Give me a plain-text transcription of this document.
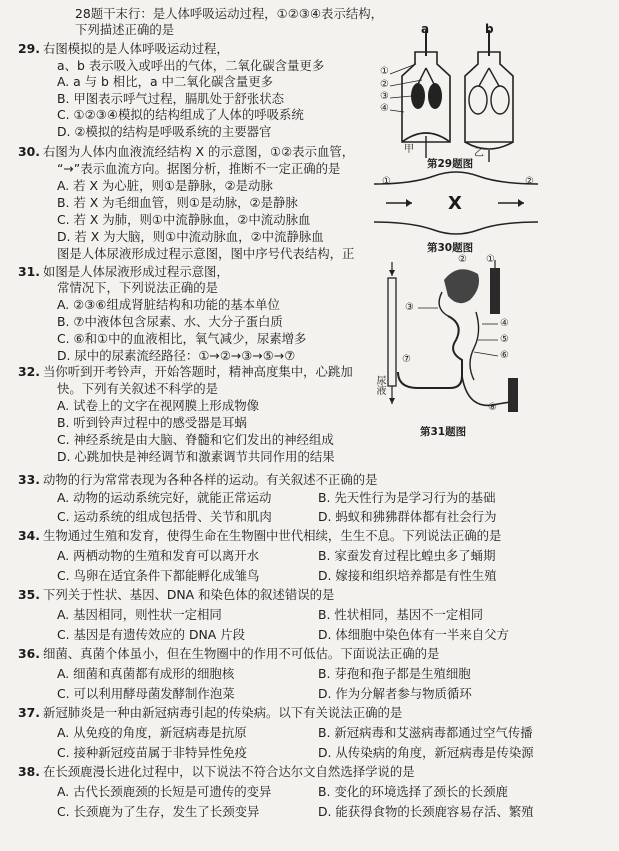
a	b
①
②
③
④
甲	乙
第29题图
X
①	②
第30题图
①
②
③
④
⑤
⑥
⑦
⑧
尿液
第31题图
28题干末行：是人体呼吸运动过程，①②③④表示结构，
下列描述正确的是
29. 右图模拟的是人体呼吸运动过程，
a、b 表示吸入或呼出的气体，二氧化碳含量更多
A. a 与 b 相比，a 中二氧化碳含量更多
B. 甲图表示呼气过程，膈肌处于舒张状态
C. ①②③④模拟的结构组成了人体的呼吸系统
D. ②模拟的结构是呼吸系统的主要器官
30. 右图为人体内血液流经结构 X 的示意图，①②表示血管，
“→”表示血流方向。据图分析，推断不一定正确的是
A. 若 X 为心脏，则①是静脉，②是动脉
B. 若 X 为毛细血管，则①是动脉，②是静脉
C. 若 X 为肺，则①中流静脉血，②中流动脉血
D. 若 X 为大脑，则①中流动脉血，②中流静脉血
图是人体尿液形成过程示意图，图中序号代表结构，正
31. 如图是人体尿液形成过程示意图，
常情况下，下列说法正确的是
A. ②③⑥组成肾脏结构和功能的基本单位
B. ⑦中液体包含尿素、水、大分子蛋白质
C. ⑥和①中的血液相比，氧气减少，尿素增多
D. 尿中的尿素流经路径：①→②→③→⑤→⑦
32. 当你听到开考铃声，开始答题时，精神高度集中，心跳加
快。下列有关叙述不科学的是
A. 试卷上的文字在视网膜上形成物像
B. 听到铃声过程中的感受器是耳蜗
C. 神经系统是由大脑、脊髓和它们发出的神经组成
D. 心跳加快是神经调节和激素调节共同作用的结果
33. 动物的行为常常表现为各种各样的运动。有关叙述不正确的是
A. 动物的运动系统完好，就能正常运动	B. 先天性行为是学习行为的基础
C. 运动系统的组成包括骨、关节和肌肉	D. 蚂蚁和狒狒群体都有社会行为
34. 生物通过生殖和发育，使得生命在生物圈中世代相续，生生不息。下列说法正确的是
A. 两栖动物的生殖和发育可以离开水	B. 家蚕发育过程比蝗虫多了蛹期
C. 鸟卵在适宜条件下都能孵化成雏鸟	D. 嫁接和组织培养都是有性生殖
35. 下列关于性状、基因、DNA 和染色体的叙述错误的是
A. 基因相同，则性状一定相同	B. 性状相同，基因不一定相同
C. 基因是有遗传效应的 DNA 片段	D. 体细胞中染色体有一半来自父方
36. 细菌、真菌个体虽小，但在生物圈中的作用不可低估。下面说法正确的是
A. 细菌和真菌都有成形的细胞核	B. 芽孢和孢子都是生殖细胞
C. 可以利用酵母菌发酵制作泡菜	D. 作为分解者参与物质循环
37. 新冠肺炎是一种由新冠病毒引起的传染病。以下有关说法正确的是
A. 从免疫的角度，新冠病毒是抗原	B. 新冠病毒和艾滋病毒都通过空气传播
C. 接种新冠疫苗属于非特异性免疫	D. 从传染病的角度，新冠病毒是传染源
38. 在长颈鹿漫长进化过程中，以下说法不符合达尔文自然选择学说的是
A. 古代长颈鹿颈的长短是可遗传的变异	B. 变化的环境选择了颈长的长颈鹿
C. 长颈鹿为了生存，发生了长颈变异	D. 能获得食物的长颈鹿容易存活、繁殖
